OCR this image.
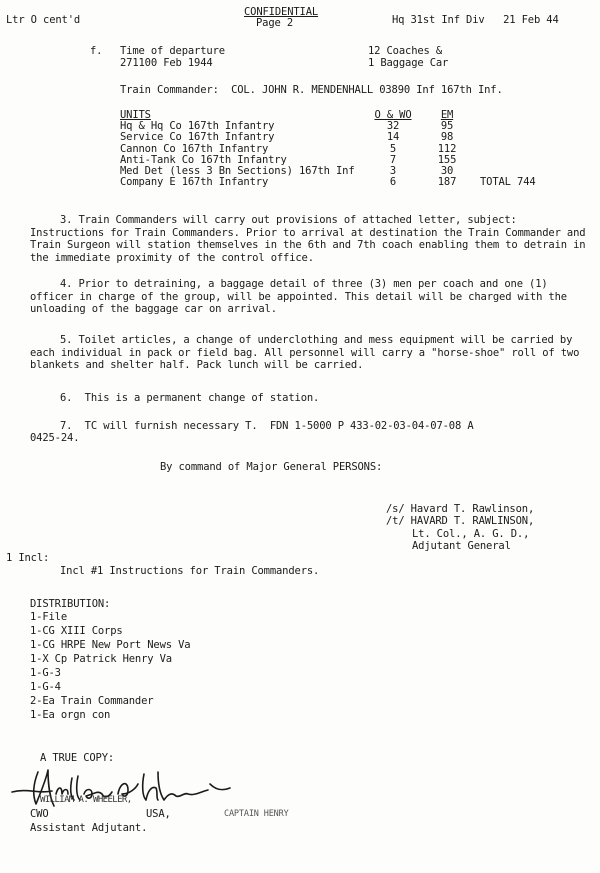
CONFIDENTIAL
Page 2
Ltr O cent'd	Hq 31st Inf Div   21 Feb 44
f. Time of departure
271100 Feb 1944
12 Coaches &
1 Baggage Car
Train Commander:  COL. JOHN R. MENDENHALL 03890 Inf 167th Inf.
UNITS	O & WO	EM	
Hq & Hq Co 167th Infantry	32	95	
Service Co 167th Infantry	14	98	
Cannon Co 167th Infantry	5	112	
Anti-Tank Co 167th Infantry	7	155	
Med Det (less 3 Bn Sections) 167th Inf	3	30	
Company E 167th Infantry	6	187	TOTAL 744
3. Train Commanders will carry out provisions of attached letter, subject: Instructions for Train Commanders. Prior to arrival at destination the Train Commander and Train Surgeon will station themselves in the 6th and 7th coach enabling them to detrain in the immediate proximity of the control office.
4. Prior to detraining, a baggage detail of three (3) men per coach and one (1) officer in charge of the group, will be appointed. This detail will be charged with the unloading of the baggage car on arrival.
5. Toilet articles, a change of underclothing and mess equipment will be carried by each individual in pack or field bag. All personnel will carry a "horse-shoe" roll of two blankets and shelter half. Pack lunch will be carried.
6.  This is a permanent change of station.
7.  TC will furnish necessary T.  FDN 1-5000 P 433-02-03-04-07-08 A
0425-24.
By command of Major General PERSONS:
/s/ Havard T. Rawlinson,
/t/ HAVARD T. RAWLINSON,
Lt. Col., A. G. D.,
Adjutant General
1 Incl:
Incl #1 Instructions for Train Commanders.
DISTRIBUTION:
1-File
1-CG XIII Corps
1-CG HRPE New Port News Va
1-X Cp Patrick Henry Va
1-G-3
1-G-4
2-Ea Train Commander
1-Ea orgn con
A TRUE COPY:
WILLIAM A. WHEELER,
CWO	USA,	CAPTAIN HENRY
Assistant Adjutant.
